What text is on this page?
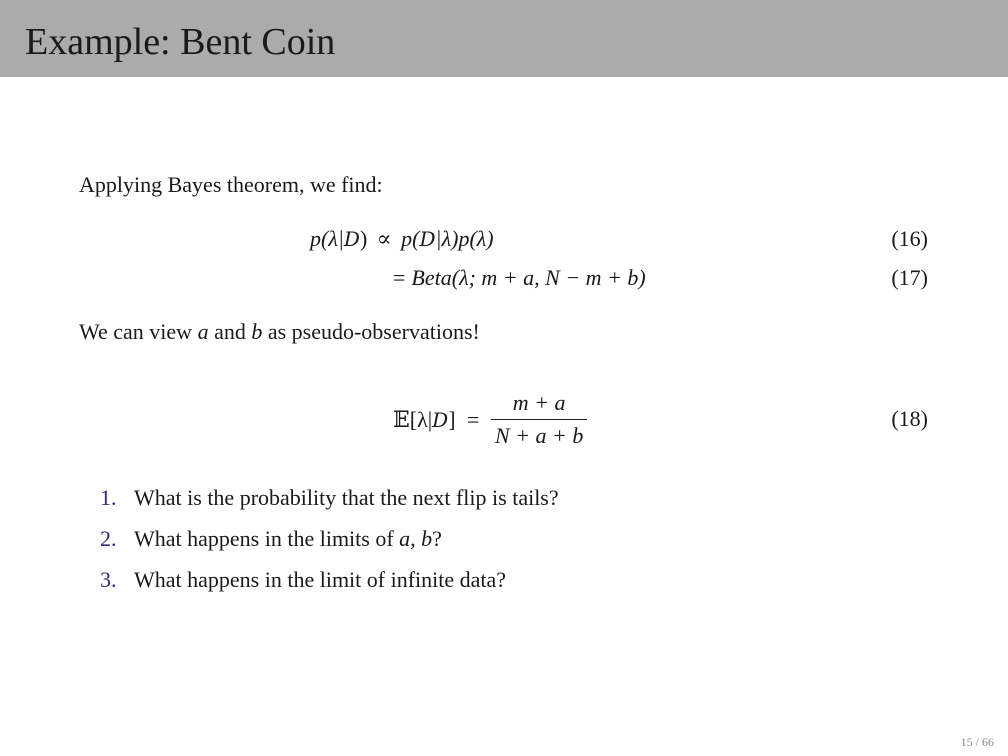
Example: Bent Coin
Applying Bayes theorem, we find:
p(λ|D) ∝ p(D|λ)p(λ)	(16)
= Beta(λ; m + a, N − m + b)	(17)
We can view a and b as pseudo-observations!
𝔼[λ|D] = $\frac{m + a}{N + a + b}$	(18)
1. What is the probability that the next flip is tails?
2. What happens in the limits of a, b?
3. What happens in the limit of infinite data?
15 / 66
